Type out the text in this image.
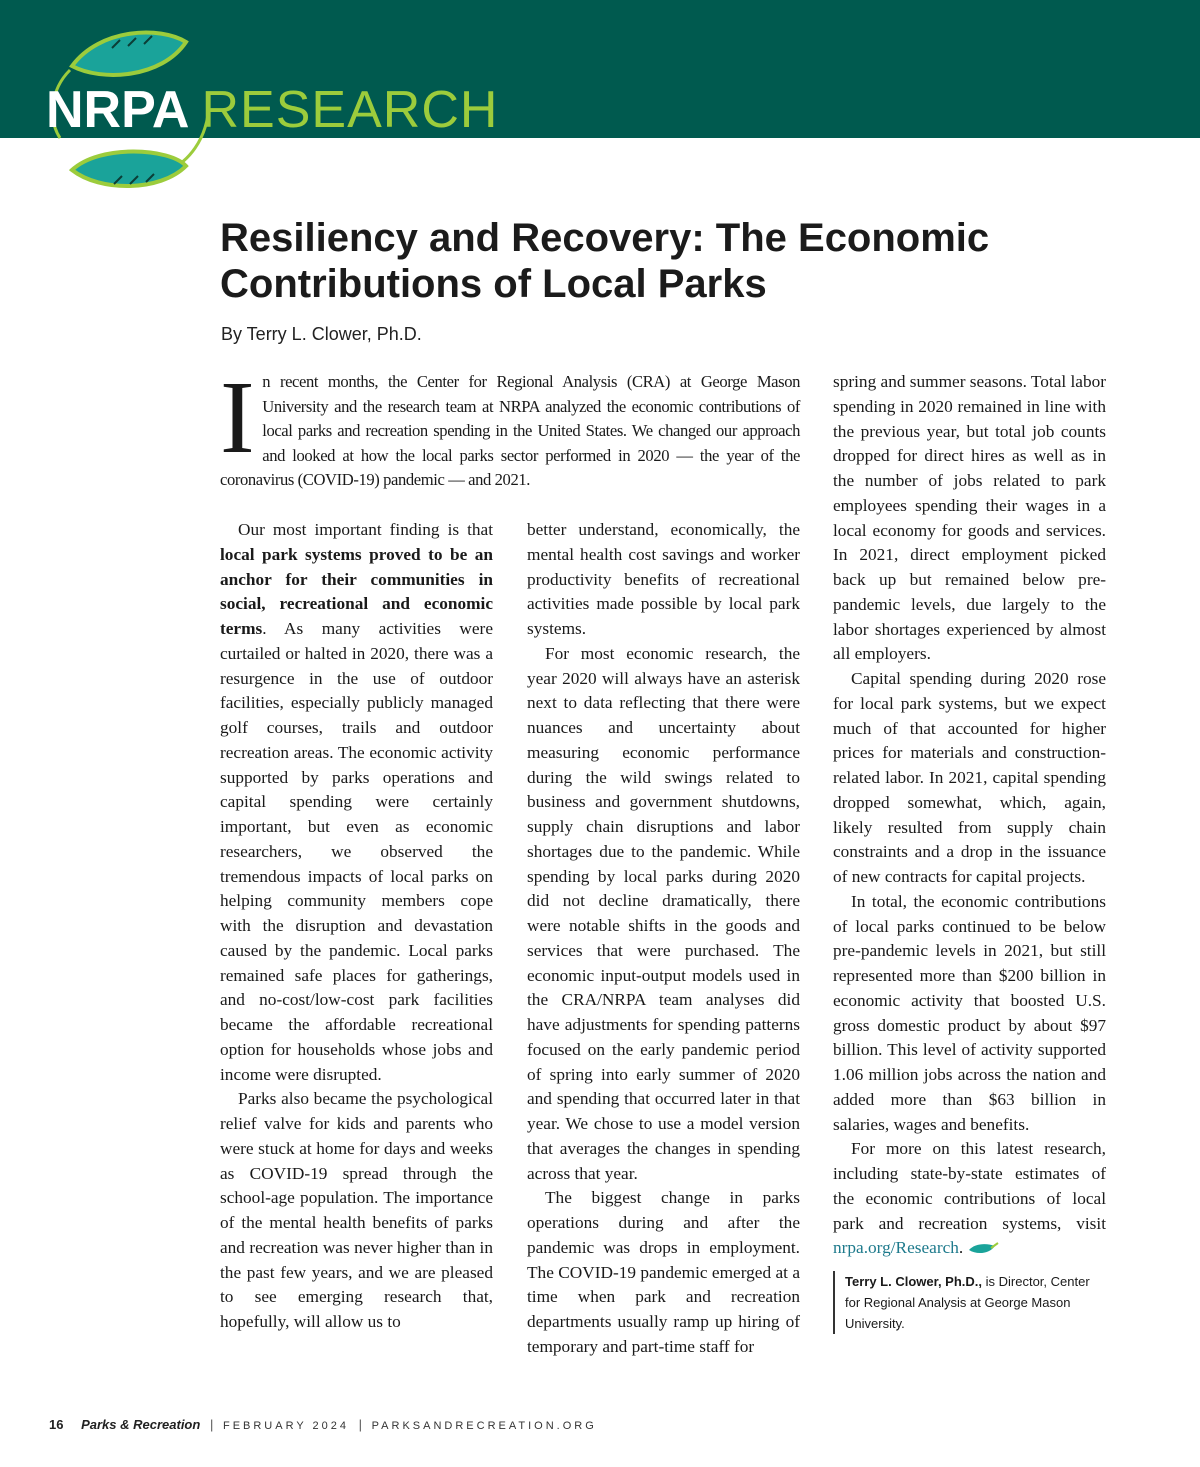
NRPA RESEARCH
Resiliency and Recovery: The Economic Contributions of Local Parks
By Terry L. Clower, Ph.D.

In recent months, the Center for Regional Analysis (CRA) at George Mason University and the research team at NRPA analyzed the economic contributions of local parks and recreation spending in the United States. We changed our approach and looked at how the local parks sector performed in 2020 — the year of the coronavirus (COVID-19) pandemic — and 2021.

Our most important finding is that local park systems proved to be an anchor for their communities in social, recreational and economic terms. As many activities were curtailed or halted in 2020, there was a resurgence in the use of outdoor facilities, especially publicly managed golf courses, trails and outdoor recreation areas. The economic activity supported by parks operations and capital spending were certainly important, but even as economic researchers, we observed the tremendous impacts of local parks on helping community members cope with the disruption and devastation caused by the pandemic. Local parks remained safe places for gatherings, and no-cost/low-cost park facilities became the affordable recreational option for households whose jobs and income were disrupted.

Parks also became the psychological relief valve for kids and parents who were stuck at home for days and weeks as COVID-19 spread through the school-age population. The importance of the mental health benefits of parks and recreation was never higher than in the past few years, and we are pleased to see emerging research that, hopefully, will allow us to

better understand, economically, the mental health cost savings and worker productivity benefits of recreational activities made possible by local park systems.

For most economic research, the year 2020 will always have an asterisk next to data reflecting that there were nuances and uncertainty about measuring economic performance during the wild swings related to business and government shutdowns, supply chain disruptions and labor shortages due to the pandemic. While spending by local parks during 2020 did not decline dramatically, there were notable shifts in the goods and services that were purchased. The economic input-output models used in the CRA/NRPA team analyses did have adjustments for spending patterns focused on the early pandemic period of spring into early summer of 2020 and spending that occurred later in that year. We chose to use a model version that averages the changes in spending across that year.

The biggest change in parks operations during and after the pandemic was drops in employment. The COVID-19 pandemic emerged at a time when park and recreation departments usually ramp up hiring of temporary and part-time staff for

spring and summer seasons. Total labor spending in 2020 remained in line with the previous year, but total job counts dropped for direct hires as well as in the number of jobs related to park employees spending their wages in a local economy for goods and services. In 2021, direct employment picked back up but remained below pre-pandemic levels, due largely to the labor shortages experienced by almost all employers.

Capital spending during 2020 rose for local park systems, but we expect much of that accounted for higher prices for materials and construction-related labor. In 2021, capital spending dropped somewhat, which, again, likely resulted from supply chain constraints and a drop in the issuance of new contracts for capital projects.

In total, the economic contributions of local parks continued to be below pre-pandemic levels in 2021, but still represented more than $200 billion in economic activity that boosted U.S. gross domestic product by about $97 billion. This level of activity supported 1.06 million jobs across the nation and added more than $63 billion in salaries, wages and benefits.

For more on this latest research, including state-by-state estimates of the economic contributions of local park and recreation systems, visit nrpa.org/Research.

Terry L. Clower, Ph.D., is Director, Center for Regional Analysis at George Mason University.
16 Parks & Recreation | FEBRUARY 2024 | PARKSANDRECREATION.ORG
